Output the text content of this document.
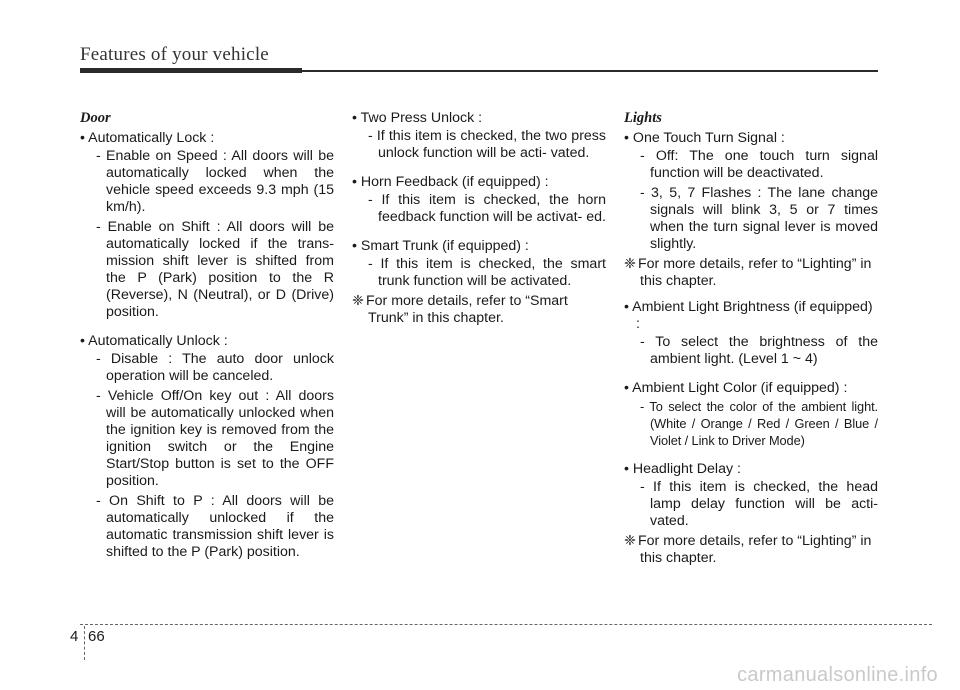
Features of your vehicle
Door
• Automatically Lock :
- Enable on Speed : All doors will be automatically locked when the vehicle speed exceeds 9.3 mph (15 km/h).
- Enable on Shift : All doors will be automatically locked if the trans- mission shift lever is shifted from the P (Park) position to the R (Reverse), N (Neutral), or D (Drive) position.
• Automatically Unlock :
- Disable : The auto door unlock operation will be canceled.
- Vehicle Off/On key out : All doors will be automatically unlocked when the ignition key is removed from the ignition switch or the Engine Start/Stop button is set to the OFF position.
- On Shift to P : All doors will be automatically unlocked if the automatic transmission shift lever is shifted to the P (Park) position.
• Two Press Unlock :
- If this item is checked, the two press unlock function will be acti- vated.
• Horn Feedback (if equipped) :
- If this item is checked, the horn feedback function will be activat- ed.
• Smart Trunk (if equipped) :
- If this item is checked, the smart trunk function will be activated.
❈ For more details, refer to “Smart Trunk” in this chapter.
Lights
• One Touch Turn Signal :
- Off: The one touch turn signal function will be deactivated.
- 3, 5, 7 Flashes : The lane change signals will blink 3, 5 or 7 times when the turn signal lever is moved slightly.
❈ For more details, refer to “Lighting” in this chapter.
• Ambient Light Brightness (if equipped) :
- To select the brightness of the ambient light. (Level 1 ~ 4)
• Ambient Light Color (if equipped) :
- To select the color of the ambient light. (White / Orange / Red / Green / Blue / Violet / Link to Driver Mode)
• Headlight Delay :
- If this item is checked, the head lamp delay function will be acti- vated.
❈ For more details, refer to “Lighting” in this chapter.
4 66
carmanualsonline.info
